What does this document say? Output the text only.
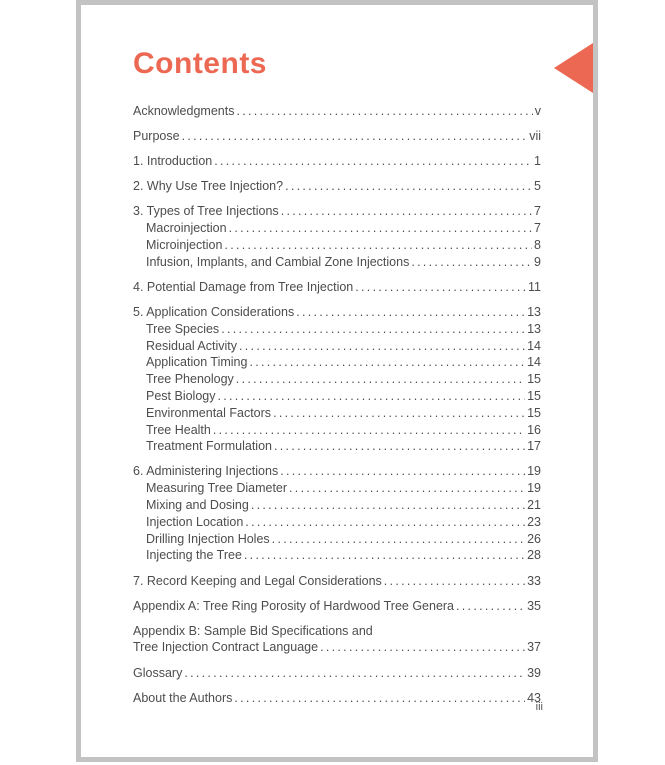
Contents
Acknowledgments .....	v
Purpose .....	vii
1. Introduction .....	1
2. Why Use Tree Injection? .....	5
3. Types of Tree Injections .....	7
Macroinjection .....	7
Microinjection .....	8
Infusion, Implants, and Cambial Zone Injections .....	9
4. Potential Damage from Tree Injection .....	11
5. Application Considerations .....	13
Tree Species .....	13
Residual Activity .....	14
Application Timing .....	14
Tree Phenology .....	15
Pest Biology .....	15
Environmental Factors .....	15
Tree Health .....	16
Treatment Formulation .....	17
6. Administering Injections .....	19
Measuring Tree Diameter .....	19
Mixing and Dosing .....	21
Injection Location .....	23
Drilling Injection Holes .....	26
Injecting the Tree .....	28
7. Record Keeping and Legal Considerations .....	33
Appendix A: Tree Ring Porosity of Hardwood Tree Genera .....	35
Appendix B: Sample Bid Specifications and
Tree Injection Contract Language .....	37
Glossary .....	39
About the Authors .....	43
iii
